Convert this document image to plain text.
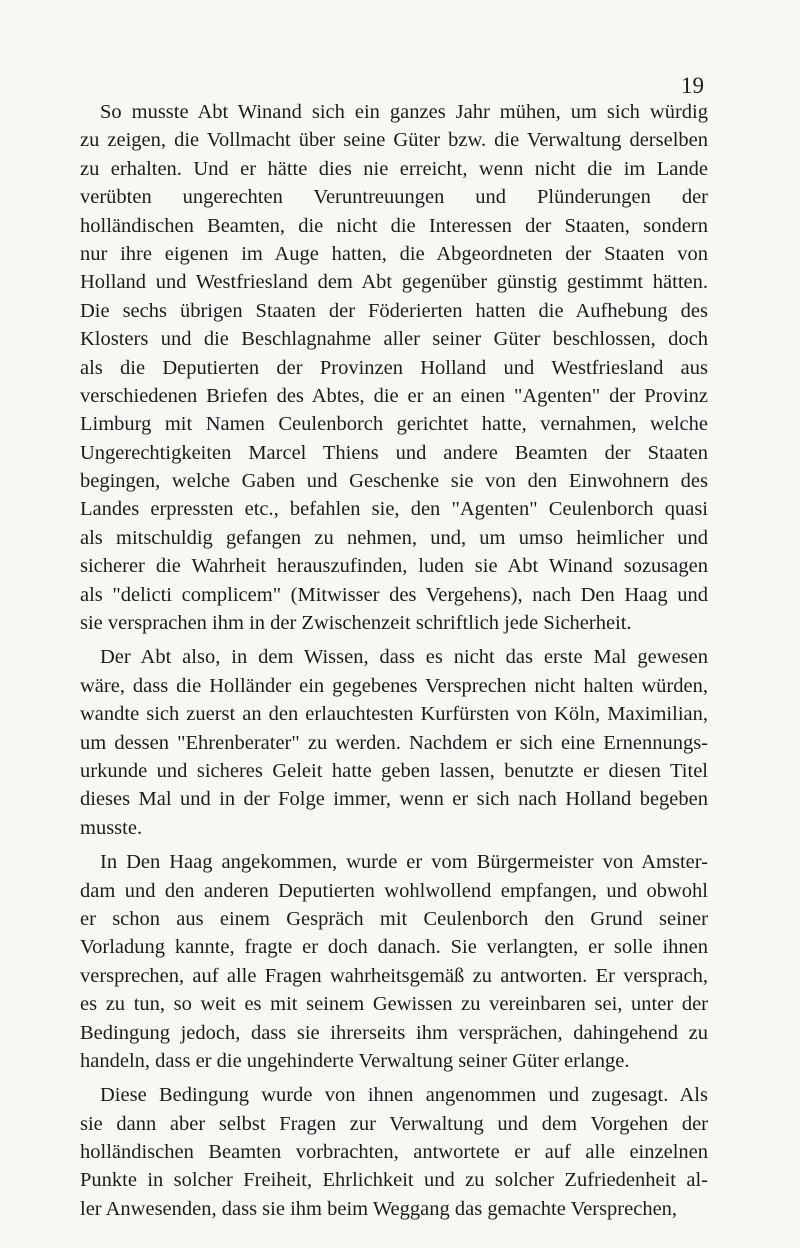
19
So musste Abt Winand sich ein ganzes Jahr mühen, um sich würdig
zu zeigen, die Vollmacht über seine Güter bzw. die Verwaltung derselben
zu erhalten. Und er hätte dies nie erreicht, wenn nicht die im Lande
verübten ungerechten Veruntreuungen und Plünderungen der
holländischen Beamten, die nicht die Interessen der Staaten, sondern
nur ihre eigenen im Auge hatten, die Abgeordneten der Staaten von
Holland und Westfriesland dem Abt gegenüber günstig gestimmt hätten.
Die sechs übrigen Staaten der Föderierten hatten die Aufhebung des
Klosters und die Beschlagnahme aller seiner Güter beschlossen, doch
als die Deputierten der Provinzen Holland und Westfriesland aus
verschiedenen Briefen des Abtes, die er an einen "Agenten" der Provinz
Limburg mit Namen Ceulenborch gerichtet hatte, vernahmen, welche
Ungerechtigkeiten Marcel Thiens und andere Beamten der Staaten
begingen, welche Gaben und Geschenke sie von den Einwohnern des
Landes erpressten etc., befahlen sie, den "Agenten" Ceulenborch quasi
als mitschuldig gefangen zu nehmen, und, um umso heimlicher und
sicherer die Wahrheit herauszufinden, luden sie Abt Winand sozusagen
als "delicti complicem" (Mitwisser des Vergehens), nach Den Haag und
sie versprachen ihm in der Zwischenzeit schriftlich jede Sicherheit.
Der Abt also, in dem Wissen, dass es nicht das erste Mal gewesen
wäre, dass die Holländer ein gegebenes Versprechen nicht halten würden,
wandte sich zuerst an den erlauchtesten Kurfürsten von Köln, Maximilian,
um dessen "Ehrenberater" zu werden. Nachdem er sich eine Ernennungs-
urkunde und sicheres Geleit hatte geben lassen, benutzte er diesen Titel
dieses Mal und in der Folge immer, wenn er sich nach Holland begeben
musste.
In Den Haag angekommen, wurde er vom Bürgermeister von Amster-
dam und den anderen Deputierten wohlwollend empfangen, und obwohl
er schon aus einem Gespräch mit Ceulenborch den Grund seiner
Vorladung kannte, fragte er doch danach. Sie verlangten, er solle ihnen
versprechen, auf alle Fragen wahrheitsgemäß zu antworten. Er versprach,
es zu tun, so weit es mit seinem Gewissen zu vereinbaren sei, unter der
Bedingung jedoch, dass sie ihrerseits ihm versprächen, dahingehend zu
handeln, dass er die ungehinderte Verwaltung seiner Güter erlange.
Diese Bedingung wurde von ihnen angenommen und zugesagt. Als
sie dann aber selbst Fragen zur Verwaltung und dem Vorgehen der
holländischen Beamten vorbrachten, antwortete er auf alle einzelnen
Punkte in solcher Freiheit, Ehrlichkeit und zu solcher Zufriedenheit al-
ler Anwesenden, dass sie ihm beim Weggang das gemachte Versprechen,
